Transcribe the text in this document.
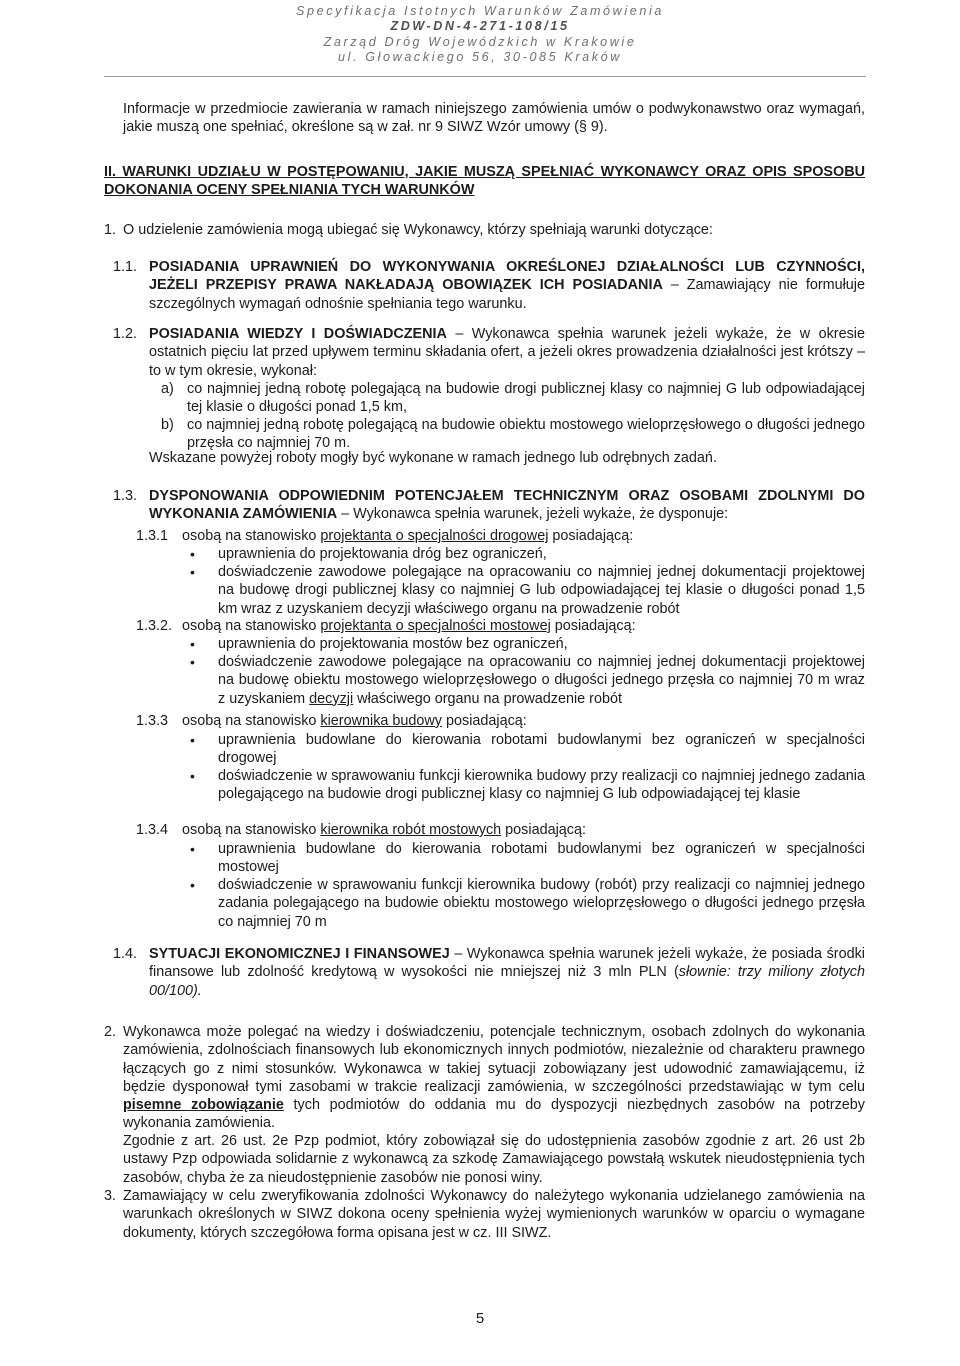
Specyfikacja Istotnych Warunków Zamówienia
ZDW-DN-4-271-108/15
Zarząd Dróg Wojewódzkich w Krakowie
ul. Głowackiego 56, 30-085 Kraków
Informacje w przedmiocie zawierania w ramach niniejszego zamówienia umów o podwykonawstwo oraz wymagań, jakie muszą one spełniać, określone są w zał. nr 9 SIWZ Wzór umowy (§ 9).
II. WARUNKI UDZIAŁU W POSTĘPOWANIU, JAKIE MUSZĄ SPEŁNIAĆ WYKONAWCY ORAZ OPIS SPOSOBU DOKONANIA OCENY SPEŁNIANIA TYCH WARUNKÓW
1. O udzielenie zamówienia mogą ubiegać się Wykonawcy, którzy spełniają warunki dotyczące:
1.1. POSIADANIA UPRAWNIEŃ DO WYKONYWANIA OKREŚLONEJ DZIAŁALNOŚCI LUB CZYNNOŚCI, JEŻELI PRZEPISY PRAWA NAKŁADAJĄ OBOWIĄZEK ICH POSIADANIA – Zamawiający nie formułuje szczególnych wymagań odnośnie spełniania tego warunku.
1.2. POSIADANIA WIEDZY I DOŚWIADCZENIA – Wykonawca spełnia warunek jeżeli wykaże, że w okresie ostatnich pięciu lat przed upływem terminu składania ofert, a jeżeli okres prowadzenia działalności jest krótszy – to w tym okresie, wykonał:
a) co najmniej jedną robotę polegającą na budowie drogi publicznej klasy co najmniej G lub odpowiadającej tej klasie o długości ponad 1,5 km,
b) co najmniej jedną robotę polegającą na budowie obiektu mostowego wieloprzęsłowego o długości jednego przęsła co najmniej 70 m.
Wskazane powyżej roboty mogły być wykonane w ramach jednego lub odrębnych zadań.
1.3. DYSPONOWANIA ODPOWIEDNIM POTENCJAŁEM TECHNICZNYM ORAZ OSOBAMI ZDOLNYMI DO WYKONANIA ZAMÓWIENIA – Wykonawca spełnia warunek, jeżeli wykaże, że dysponuje:
1.3.1 osobą na stanowisko projektanta o specjalności drogowej posiadającą:
• uprawnienia do projektowania dróg bez ograniczeń,
• doświadczenie zawodowe polegające na opracowaniu co najmniej jednej dokumentacji projektowej na budowę drogi publicznej klasy co najmniej G lub odpowiadającej tej klasie o długości ponad 1,5 km wraz z uzyskaniem decyzji właściwego organu na prowadzenie robót
1.3.2. osobą na stanowisko projektanta o specjalności mostowej posiadającą:
• uprawnienia do projektowania mostów bez ograniczeń,
• doświadczenie zawodowe polegające na opracowaniu co najmniej jednej dokumentacji projektowej na budowę obiektu mostowego wieloprzęsłowego o długości jednego przęsła co najmniej 70 m wraz z uzyskaniem decyzji właściwego organu na prowadzenie robót
1.3.3 osobą na stanowisko kierownika budowy posiadającą:
• uprawnienia budowlane do kierowania robotami budowlanymi bez ograniczeń w specjalności drogowej
• doświadczenie w sprawowaniu funkcji kierownika budowy przy realizacji co najmniej jednego zadania polegającego na budowie drogi publicznej klasy co najmniej G lub odpowiadającej tej klasie
1.3.4 osobą na stanowisko kierownika robót mostowych posiadającą:
• uprawnienia budowlane do kierowania robotami budowlanymi bez ograniczeń w specjalności mostowej
• doświadczenie w sprawowaniu funkcji kierownika budowy (robót) przy realizacji co najmniej jednego zadania polegającego na budowie obiektu mostowego wieloprzęsłowego o długości jednego przęsła co najmniej 70 m
1.4. SYTUACJI EKONOMICZNEJ I FINANSOWEJ – Wykonawca spełnia warunek jeżeli wykaże, że posiada środki finansowe lub zdolność kredytową w wysokości nie mniejszej niż 3 mln PLN (słownie: trzy miliony złotych 00/100).
2. Wykonawca może polegać na wiedzy i doświadczeniu, potencjale technicznym, osobach zdolnych do wykonania zamówienia, zdolnościach finansowych lub ekonomicznych innych podmiotów, niezależnie od charakteru prawnego łączących go z nimi stosunków. Wykonawca w takiej sytuacji zobowiązany jest udowodnić zamawiającemu, iż będzie dysponował tymi zasobami w trakcie realizacji zamówienia, w szczególności przedstawiając w tym celu pisemne zobowiązanie tych podmiotów do oddania mu do dyspozycji niezbędnych zasobów na potrzeby wykonania zamówienia.
Zgodnie z art. 26 ust. 2e Pzp podmiot, który zobowiązał się do udostępnienia zasobów zgodnie z art. 26 ust 2b ustawy Pzp odpowiada solidarnie z wykonawcą za szkodę Zamawiającego powstałą wskutek nieudostępnienia tych zasobów, chyba że za nieudostępnienie zasobów nie ponosi winy.
3. Zamawiający w celu zweryfikowania zdolności Wykonawcy do należytego wykonania udzielanego zamówienia na warunkach określonych w SIWZ dokona oceny spełnienia wyżej wymienionych warunków w oparciu o wymagane dokumenty, których szczegółowa forma opisana jest w cz. III SIWZ.
5
